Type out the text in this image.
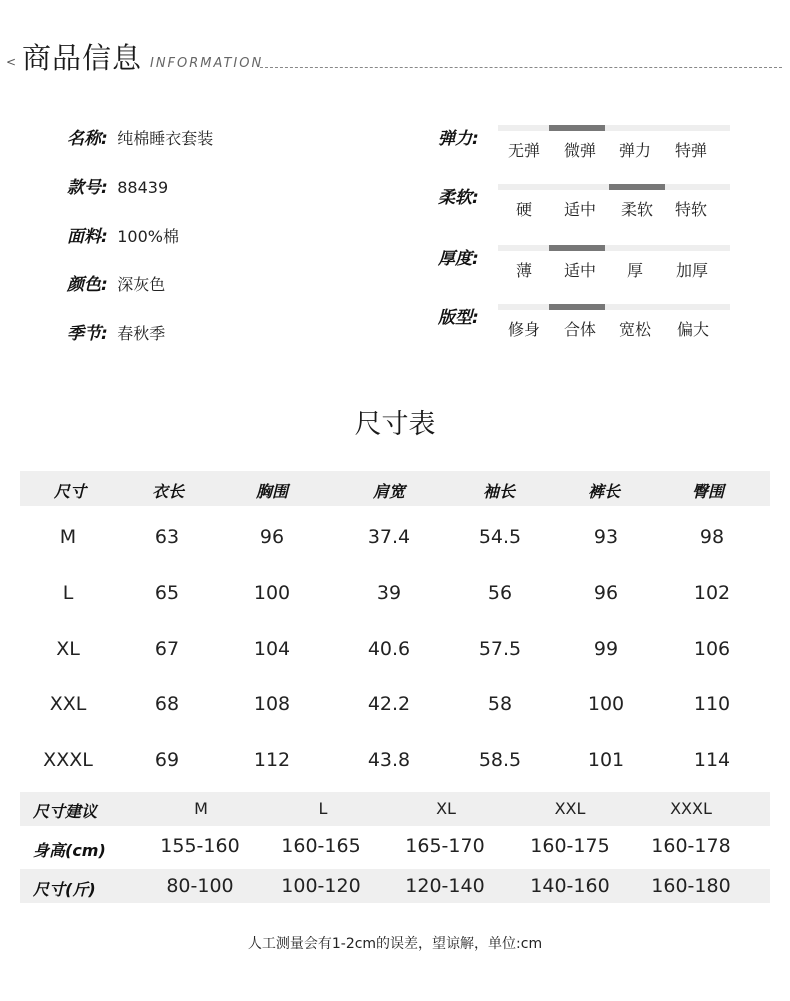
< 商品信息 INFORMATION
名称: 纯棉睡衣套装
款号: 88439
面料: 100%棉
颜色: 深灰色
季节: 春秋季
弹力:
无弹	微弹	弹力	特弹
柔软:
硬	适中	柔软	特软
厚度:
薄	适中	厚	加厚
版型:
修身	合体	宽松	偏大
尺寸表
尺寸	衣长	胸围	肩宽	袖长	裤长	臀围
M	63	96	37.4	54.5	93	98
L	65	100	39	56	96	102
XL	67	104	40.6	57.5	99	106
XXL	68	108	42.2	58	100	110
XXXL	69	112	43.8	58.5	101	114
尺寸建议	M	L	XL	XXL	XXXL
身高(cm)	155-160	160-165	165-170	160-175	160-178
尺寸(斤)	80-100	100-120	120-140	140-160	160-180
人工测量会有1-2cm的误差，望谅解，单位:cm
